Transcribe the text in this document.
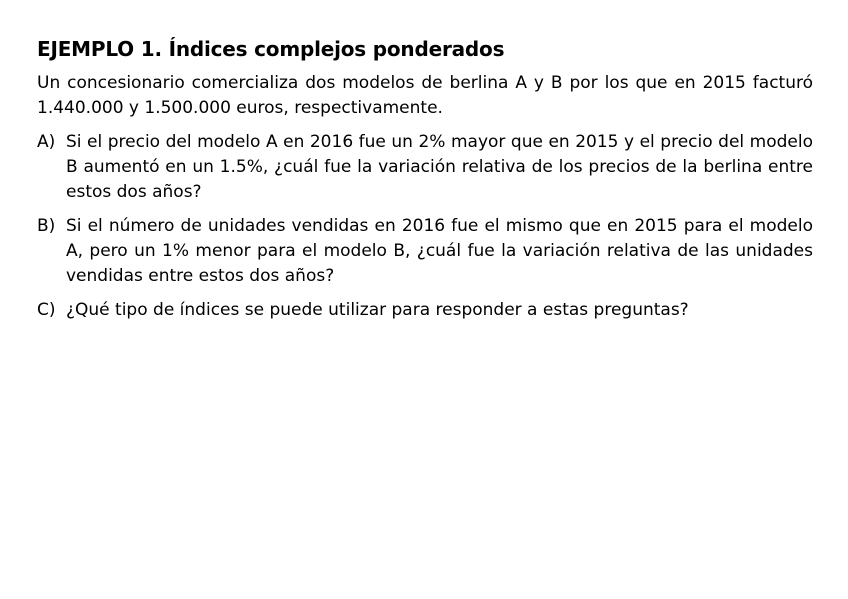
EJEMPLO 1. Índices complejos ponderados

Un concesionario comercializa dos modelos de berlina A y B por los que en 2015 facturó 1.440.000 y 1.500.000 euros, respectivamente.

A) Si el precio del modelo A en 2016 fue un 2% mayor que en 2015 y el precio del modelo B aumentó en un 1.5%, ¿cuál fue la variación relativa de los precios de la berlina entre estos dos años?
B) Si el número de unidades vendidas en 2016 fue el mismo que en 2015 para el modelo A, pero un 1% menor para el modelo B, ¿cuál fue la variación relativa de las unidades vendidas entre estos dos años?
C) ¿Qué tipo de índices se puede utilizar para responder a estas preguntas?
